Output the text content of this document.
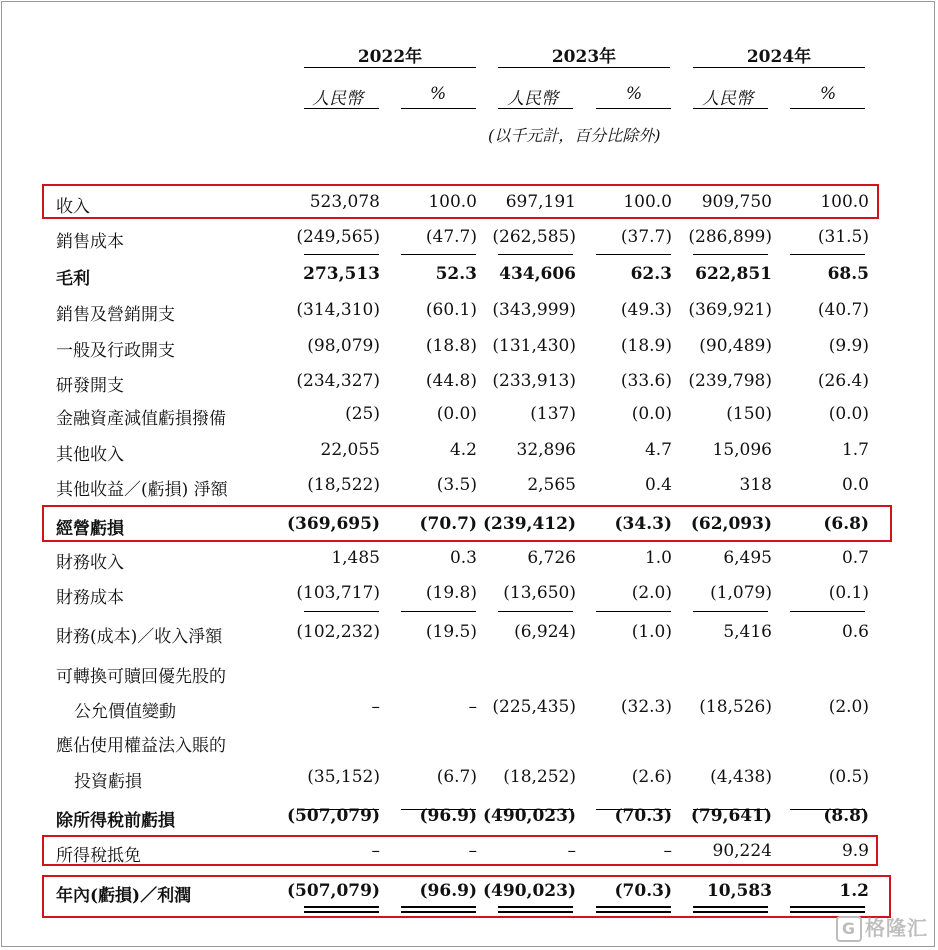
2022年	2023年	2024年
人民幣	%	人民幣	%	人民幣	%
(以千元計，百分比除外)
收入	523,078	100.0 697,191	100.0 909,750	100.0
銷售成本	(249,565)	(47.7) (262,585)	(37.7) (286,899)	(31.5)
毛利	273,513	52.3 434,606	62.3 622,851	68.5
銷售及營銷開支	(314,310)	(60.1) (343,999)	(49.3) (369,921)	(40.7)
一般及行政開支	(98,079)	(18.8) (131,430)	(18.9) (90,489)	(9.9)
研發開支	(234,327)	(44.8) (233,913)	(33.6) (239,798)	(26.4)
金融資產減值虧損撥備	(25)	(0.0)	(137)	(0.0)	(150)	(0.0)
其他收入	22,055	4.2 32,896	4.7 15,096	1.7
其他收益／(虧損) 淨額	(18,522)	(3.5)	2,565	0.4	318	0.0
經營虧損	(369,695) (70.7) (239,412) (34.3) (62,093)	(6.8)
財務收入	1,485	0.3	6,726	1.0	6,495	0.7
財務成本	(103,717)	(19.8) (13,650)	(2.0) (1,079)	(0.1)
財務(成本)／收入淨額	(102,232)	(19.5) (6,924)	(1.0)	5,416	0.6
可轉換可贖回優先股的
公允價值變動	–	– (225,435)	(32.3) (18,526)	(2.0)
應佔使用權益法入賬的
投資虧損	(35,152)	(6.7) (18,252)	(2.6) (4,438)	(0.5)
除所得稅前虧損	(507,079) (96.9) (490,023) (70.3) (79,641)	(8.8)
所得稅抵免	–	–	–	– 90,224	9.9
年內(虧損)／利潤	(507,079) (96.9) (490,023) (70.3) 10,583	1.2
G 格隆汇
